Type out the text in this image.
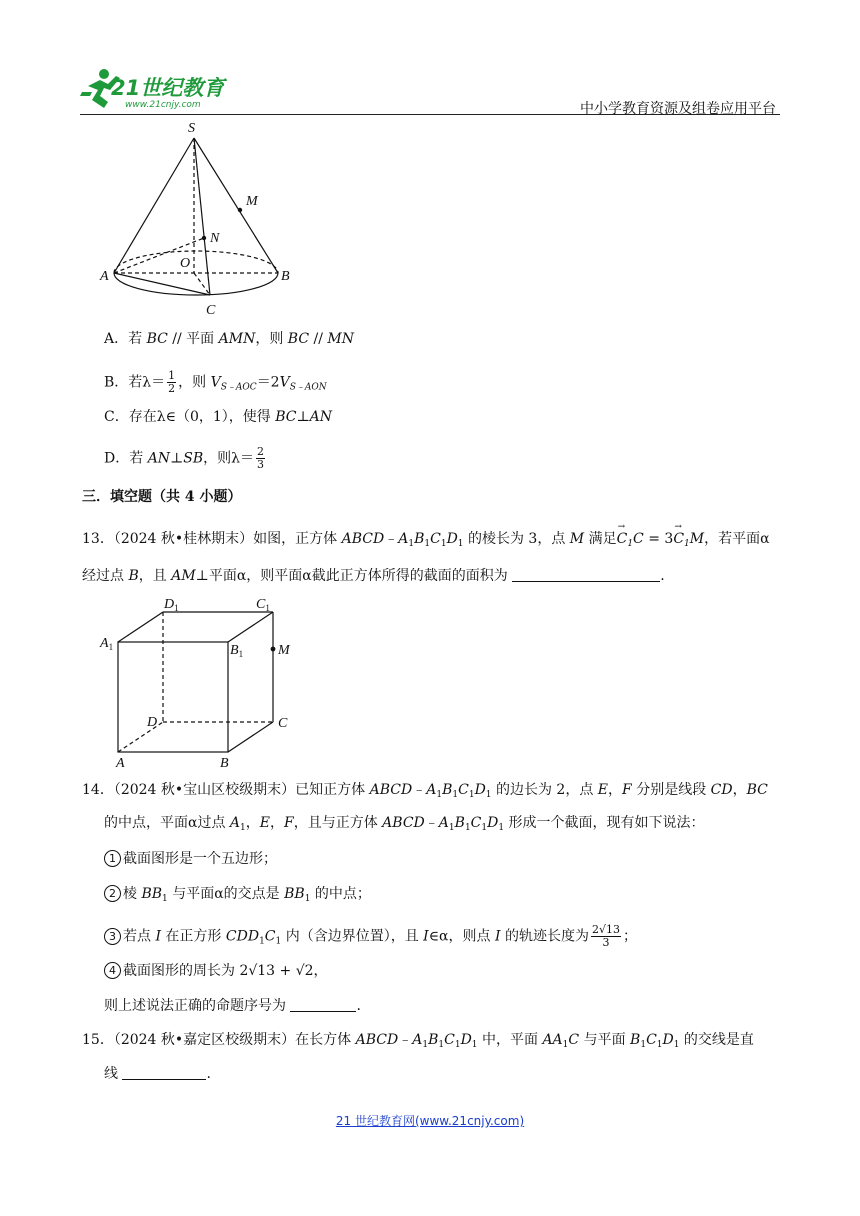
21世纪教育
www.21cnjy.com	中小学教育资源及组卷应用平台
S
M
N
O
A	B
C
A．若 BC // 平面 AMN，则 BC // MN
B．若$\lambda= \frac{1}{2}$ ，则 $V_{S﹣AOC}=2V_{S﹣AON}$
C．存在λ∈（0，1），使得 BC⊥AN
D．若 AN⊥SB，则$\lambda= \frac{2}{3}$
三．填空题（共 4 小题）
13．（2024 秋•桂林期末）如图，正方体 $ABCD﹣A_1B_1C_1D_1$ 的棱长为 3，点 M 满足→ $C_1C = 3\to C_1M$，若平面α
经过点 B，且 AM⊥平面α，则平面α截此正方体所得的截面的面积为	.
$D_1$	$C_1$
$A_1$	$B_1$ M
D	C
A	B
14．（2024 秋•宝山区校级期末）已知正方体 $ABCD﹣A_1B_1C_1D_1$ 的边长为 2，点 E，F 分别是线段 CD，BC
的中点，平面α过点 $A_1$，E，F，且与正方体 $ABCD﹣A_1B_1C_1D_1$ 形成一个截面，现有如下说法：
1 截面图形是一个五边形；
2 棱 $BB_1$ 与平面α的交点是 $BB_1$ 的中点；
3 若点 I 在正方形 $CDD_1C_1$ 内（含边界位置），且 I∈α，则点 I 的轨迹长度为 $\frac{2√13}{3}$ ；
4 截面图形的周长为 2√13 + √2，
则上述说法正确的命题序号为	.
15．（2024 秋•嘉定区校级期末）在长方体 $ABCD﹣A_1B_1C_1D_1$ 中，平面 $AA_1C$ 与平面 $B_1C_1D_1$ 的交线是直
线	.
21 世纪教育网(www.21cnjy.com)
